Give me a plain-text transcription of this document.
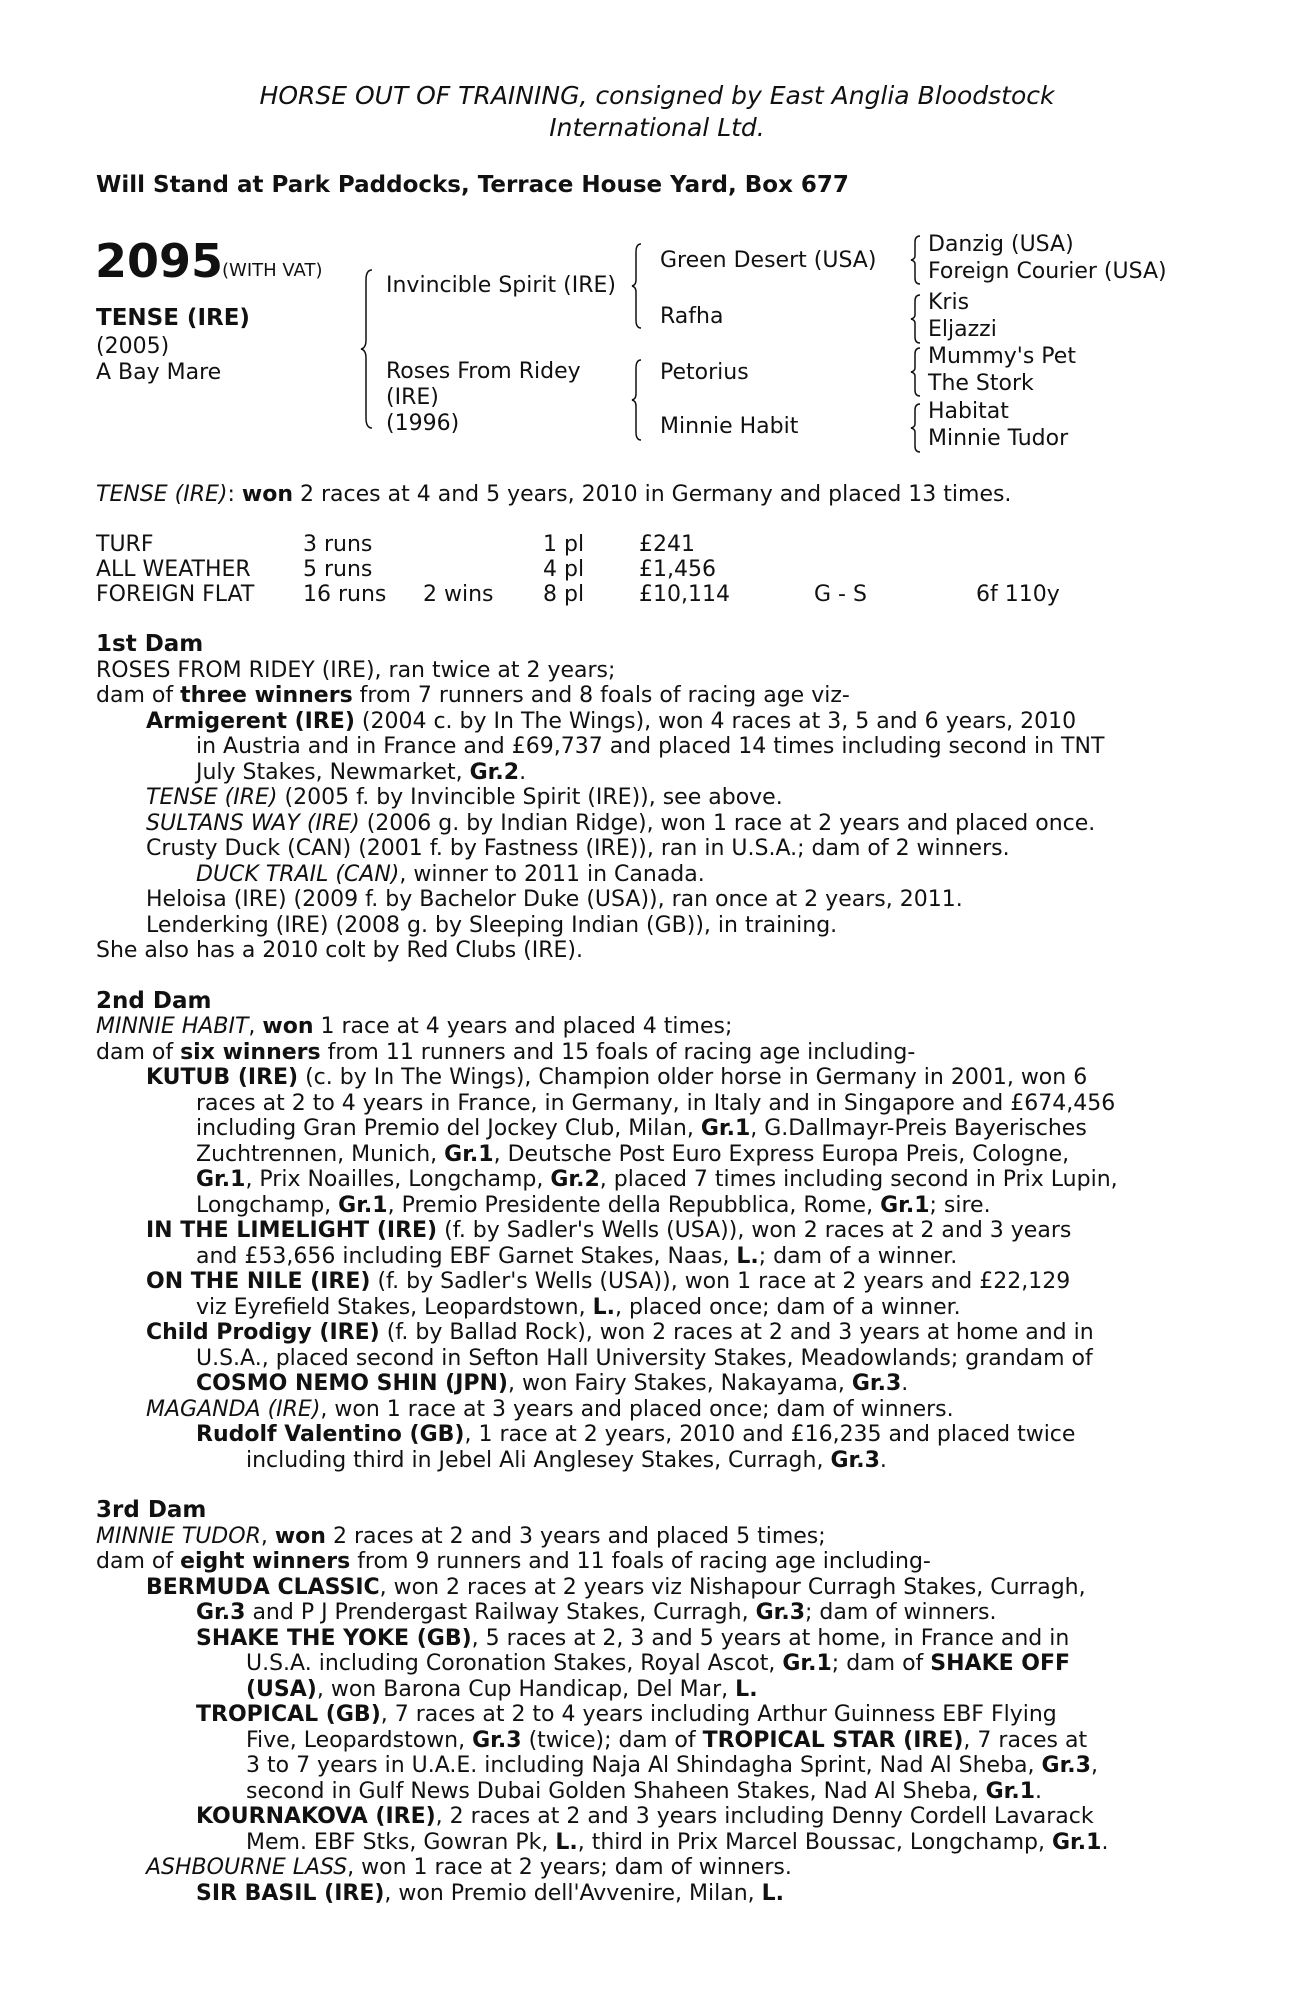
HORSE OUT OF TRAINING, consigned by East Anglia Bloodstock
International Ltd.
Will Stand at Park Paddocks, Terrace House Yard, Box 677
2095
(WITH VAT)
TENSE (IRE)
(2005)
A Bay Mare
Invincible Spirit (IRE)
Roses From Ridey
(IRE)
(1996)
Green Desert (USA)
Rafha
Petorius
Minnie Habit
Danzig (USA)
Foreign Courier (USA)
Kris
Eljazzi
Mummy's Pet
The Stork
Habitat
Minnie Tudor
TENSE (IRE): won 2 races at 4 and 5 years, 2010 in Germany and placed 13 times.
TURF	3 runs	1 pl £241
ALL WEATHER 5 runs	4 pl £1,456
FOREIGN FLAT 16 runs 2 wins 8 pl £10,114	G - S	6f 110y
1st Dam
ROSES FROM RIDEY (IRE), ran twice at 2 years;
dam of three winners from 7 runners and 8 foals of racing age viz-
Armigerent (IRE) (2004 c. by In The Wings), won 4 races at 3, 5 and 6 years, 2010
in Austria and in France and £69,737 and placed 14 times including second in TNT
July Stakes, Newmarket, Gr.2.
TENSE (IRE) (2005 f. by Invincible Spirit (IRE)), see above.
SULTANS WAY (IRE) (2006 g. by Indian Ridge), won 1 race at 2 years and placed once.
Crusty Duck (CAN) (2001 f. by Fastness (IRE)), ran in U.S.A.; dam of 2 winners.
DUCK TRAIL (CAN), winner to 2011 in Canada.
Heloisa (IRE) (2009 f. by Bachelor Duke (USA)), ran once at 2 years, 2011.
Lenderking (IRE) (2008 g. by Sleeping Indian (GB)), in training.
She also has a 2010 colt by Red Clubs (IRE).
2nd Dam
MINNIE HABIT, won 1 race at 4 years and placed 4 times;
dam of six winners from 11 runners and 15 foals of racing age including-
KUTUB (IRE) (c. by In The Wings), Champion older horse in Germany in 2001, won 6
races at 2 to 4 years in France, in Germany, in Italy and in Singapore and £674,456
including Gran Premio del Jockey Club, Milan, Gr.1, G.Dallmayr-Preis Bayerisches
Zuchtrennen, Munich, Gr.1, Deutsche Post Euro Express Europa Preis, Cologne,
Gr.1, Prix Noailles, Longchamp, Gr.2, placed 7 times including second in Prix Lupin,
Longchamp, Gr.1, Premio Presidente della Repubblica, Rome, Gr.1; sire.
IN THE LIMELIGHT (IRE) (f. by Sadler's Wells (USA)), won 2 races at 2 and 3 years
and £53,656 including EBF Garnet Stakes, Naas, L.; dam of a winner.
ON THE NILE (IRE) (f. by Sadler's Wells (USA)), won 1 race at 2 years and £22,129
viz Eyrefield Stakes, Leopardstown, L., placed once; dam of a winner.
Child Prodigy (IRE) (f. by Ballad Rock), won 2 races at 2 and 3 years at home and in
U.S.A., placed second in Sefton Hall University Stakes, Meadowlands; grandam of
COSMO NEMO SHIN (JPN), won Fairy Stakes, Nakayama, Gr.3.
MAGANDA (IRE), won 1 race at 3 years and placed once; dam of winners.
Rudolf Valentino (GB), 1 race at 2 years, 2010 and £16,235 and placed twice
including third in Jebel Ali Anglesey Stakes, Curragh, Gr.3.
3rd Dam
MINNIE TUDOR, won 2 races at 2 and 3 years and placed 5 times;
dam of eight winners from 9 runners and 11 foals of racing age including-
BERMUDA CLASSIC, won 2 races at 2 years viz Nishapour Curragh Stakes, Curragh,
Gr.3 and P J Prendergast Railway Stakes, Curragh, Gr.3; dam of winners.
SHAKE THE YOKE (GB), 5 races at 2, 3 and 5 years at home, in France and in
U.S.A. including Coronation Stakes, Royal Ascot, Gr.1; dam of SHAKE OFF
(USA), won Barona Cup Handicap, Del Mar, L.
TROPICAL (GB), 7 races at 2 to 4 years including Arthur Guinness EBF Flying
Five, Leopardstown, Gr.3 (twice); dam of TROPICAL STAR (IRE), 7 races at
3 to 7 years in U.A.E. including Naja Al Shindagha Sprint, Nad Al Sheba, Gr.3,
second in Gulf News Dubai Golden Shaheen Stakes, Nad Al Sheba, Gr.1.
KOURNAKOVA (IRE), 2 races at 2 and 3 years including Denny Cordell Lavarack
Mem. EBF Stks, Gowran Pk, L., third in Prix Marcel Boussac, Longchamp, Gr.1.
ASHBOURNE LASS, won 1 race at 2 years; dam of winners.
SIR BASIL (IRE), won Premio dell'Avvenire, Milan, L.
